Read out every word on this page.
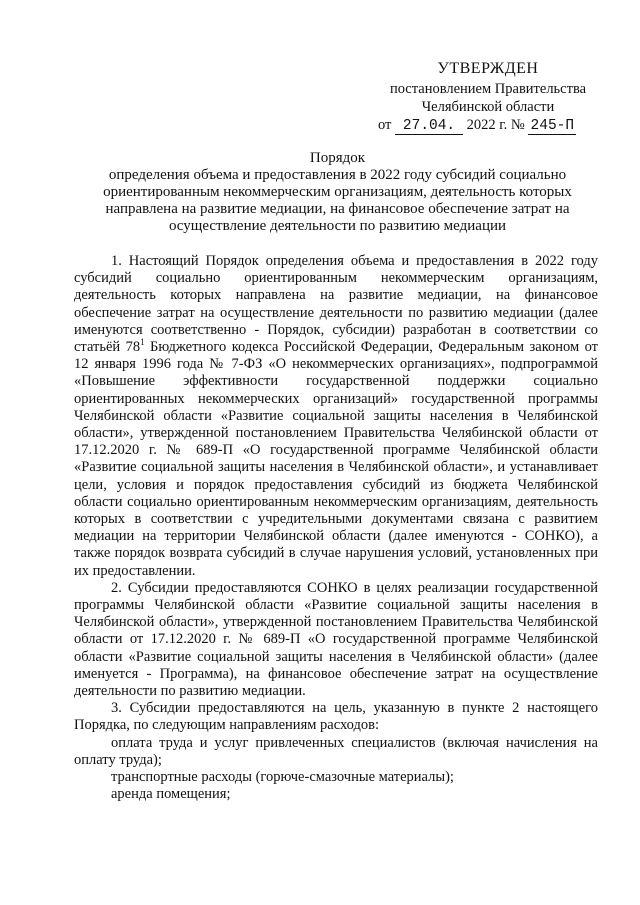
УТВЕРЖДЕН
постановлением Правительства
Челябинской области
от 27.04. 2022 г. № 245-П
Порядок
определения объема и предоставления в 2022 году субсидий социально
ориентированным некоммерческим организациям, деятельность которых
направлена на развитие медиации, на финансовое обеспечение затрат на
осуществление деятельности по развитию медиации

1. Настоящий Порядок определения объема и предоставления в 2022 году субсидий социально ориентированным некоммерческим организациям, деятельность которых направлена на развитие медиации, на финансовое обеспечение затрат на осуществление деятельности по развитию медиации (далее именуются соответственно - Порядок, субсидии) разработан в соответствии со статьёй $78^1$ Бюджетного кодекса Российской Федерации, Федеральным законом от 12 января 1996 года № 7-ФЗ «О некоммерческих организациях», подпрограммой «Повышение эффективности государственной поддержки социально ориентированных некоммерческих организаций» государственной программы Челябинской области «Развитие социальной защиты населения в Челябинской области», утвержденной постановлением Правительства Челябинской области от 17.12.2020 г. № 689-П «О государственной программе Челябинской области «Развитие социальной защиты населения в Челябинской области», и устанавливает цели, условия и порядок предоставления субсидий из бюджета Челябинской области социально ориентированным некоммерческим организациям, деятельность которых в соответствии с учредительными документами связана с развитием медиации на территории Челябинской области (далее именуются - СОНКО), а также порядок возврата субсидий в случае нарушения условий, установленных при их предоставлении.

2. Субсидии предоставляются СОНКО в целях реализации государственной программы Челябинской области «Развитие социальной защиты населения в Челябинской области», утвержденной постановлением Правительства Челябинской области от 17.12.2020 г. № 689-П «О государственной программе Челябинской области «Развитие социальной защиты населения в Челябинской области» (далее именуется - Программа), на финансовое обеспечение затрат на осуществление деятельности по развитию медиации.

3. Субсидии предоставляются на цель, указанную в пункте 2 настоящего Порядка, по следующим направлениям расходов:

оплата труда и услуг привлеченных специалистов (включая начисления на оплату труда);

транспортные расходы (горюче-смазочные материалы);

аренда помещения;
